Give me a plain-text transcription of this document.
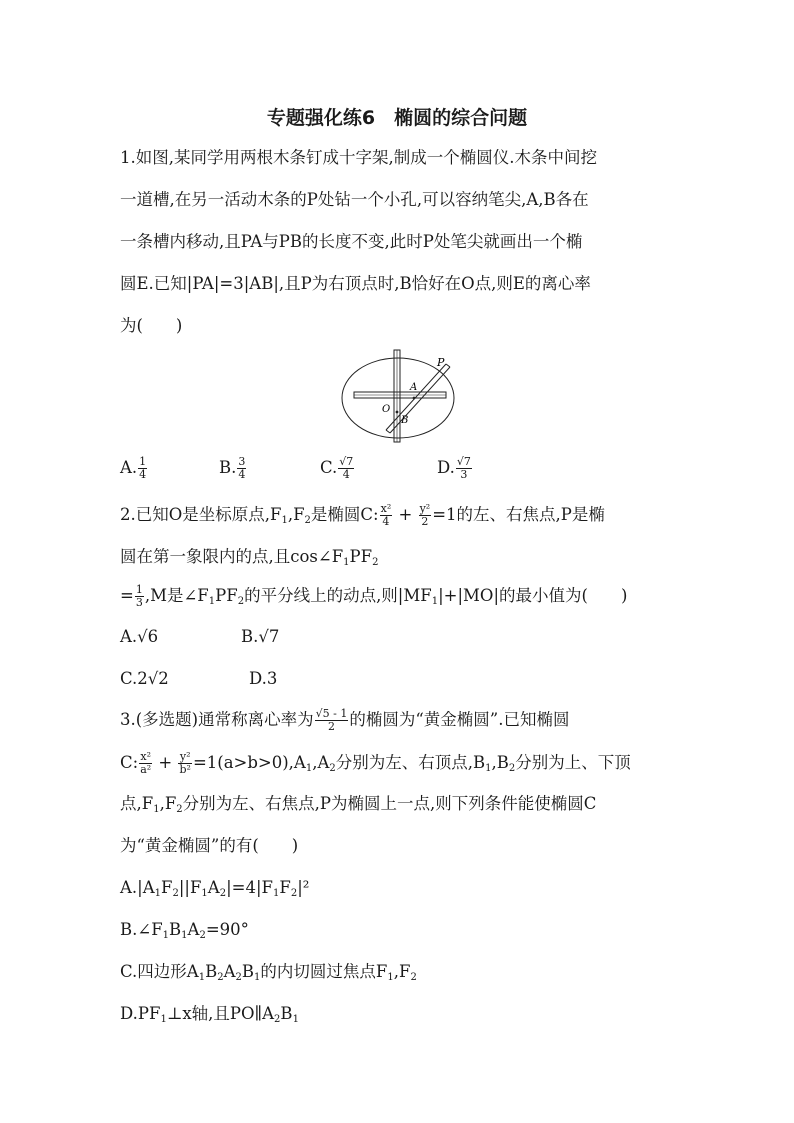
专题强化练6　椭圆的综合问题
1.如图,某同学用两根木条钉成十字架,制成一个椭圆仪.木条中间挖
一道槽,在另一活动木条的P处钻一个小孔,可以容纳笔尖,A,B各在
一条槽内移动,且PA与PB的长度不变,此时P处笔尖就画出一个椭
圆E.已知|PA|=3|AB|,且P为右顶点时,B恰好在O点,则E的离心率
为(　　)
P
A
O
B
A. $\frac{1}{4}$	B. $\frac{3}{4}$	C. $\frac{√7}{4}$	D. $\frac{√7}{3}$
2.已知O是坐标原点$,F_1,F_2$是椭圆C: $\frac{\text{x²}}{4} + \frac{\text{y²}}{2} =1$的左、右焦点,P是椭
圆在第一象限内的点,且$\cos\angle F_1PF_2$
= $\frac{1}{3} ,M$是$\angle F_1PF_2$的平分线上的动点,则$|MF_1|+|MO|$的最小值为(　　)
A.√6	B.√7
C.2√2	D.3
3.(多选题)通常称离心率为 $\frac{√5 - 1}{2}$ 的椭圆为“黄金椭圆”.已知椭圆
C: $\frac{\text{x²}}{\text{a²}} + \frac{\text{y²}}{\text{b²}} =1(a>b>0),A_1,A_2$分别为左、右顶点$,B_1,B_2$分别为上、下顶
点$,F_1,F_2$分别为左、右焦点,P为椭圆上一点,则下列条件能使椭圆C
为“黄金椭圆”的有(　　)
$A.|A_1F_2||F_1A_2|=4|F_1F_2|^2$
$B.\angle F_1B_1A_2=90^\circ$
C.四边形$A_1B_2A_2B_1$的内切圆过焦点$F_1,F_2$
$D.PF_1\perp x$轴,且$PO\parallel A_2B_1$
